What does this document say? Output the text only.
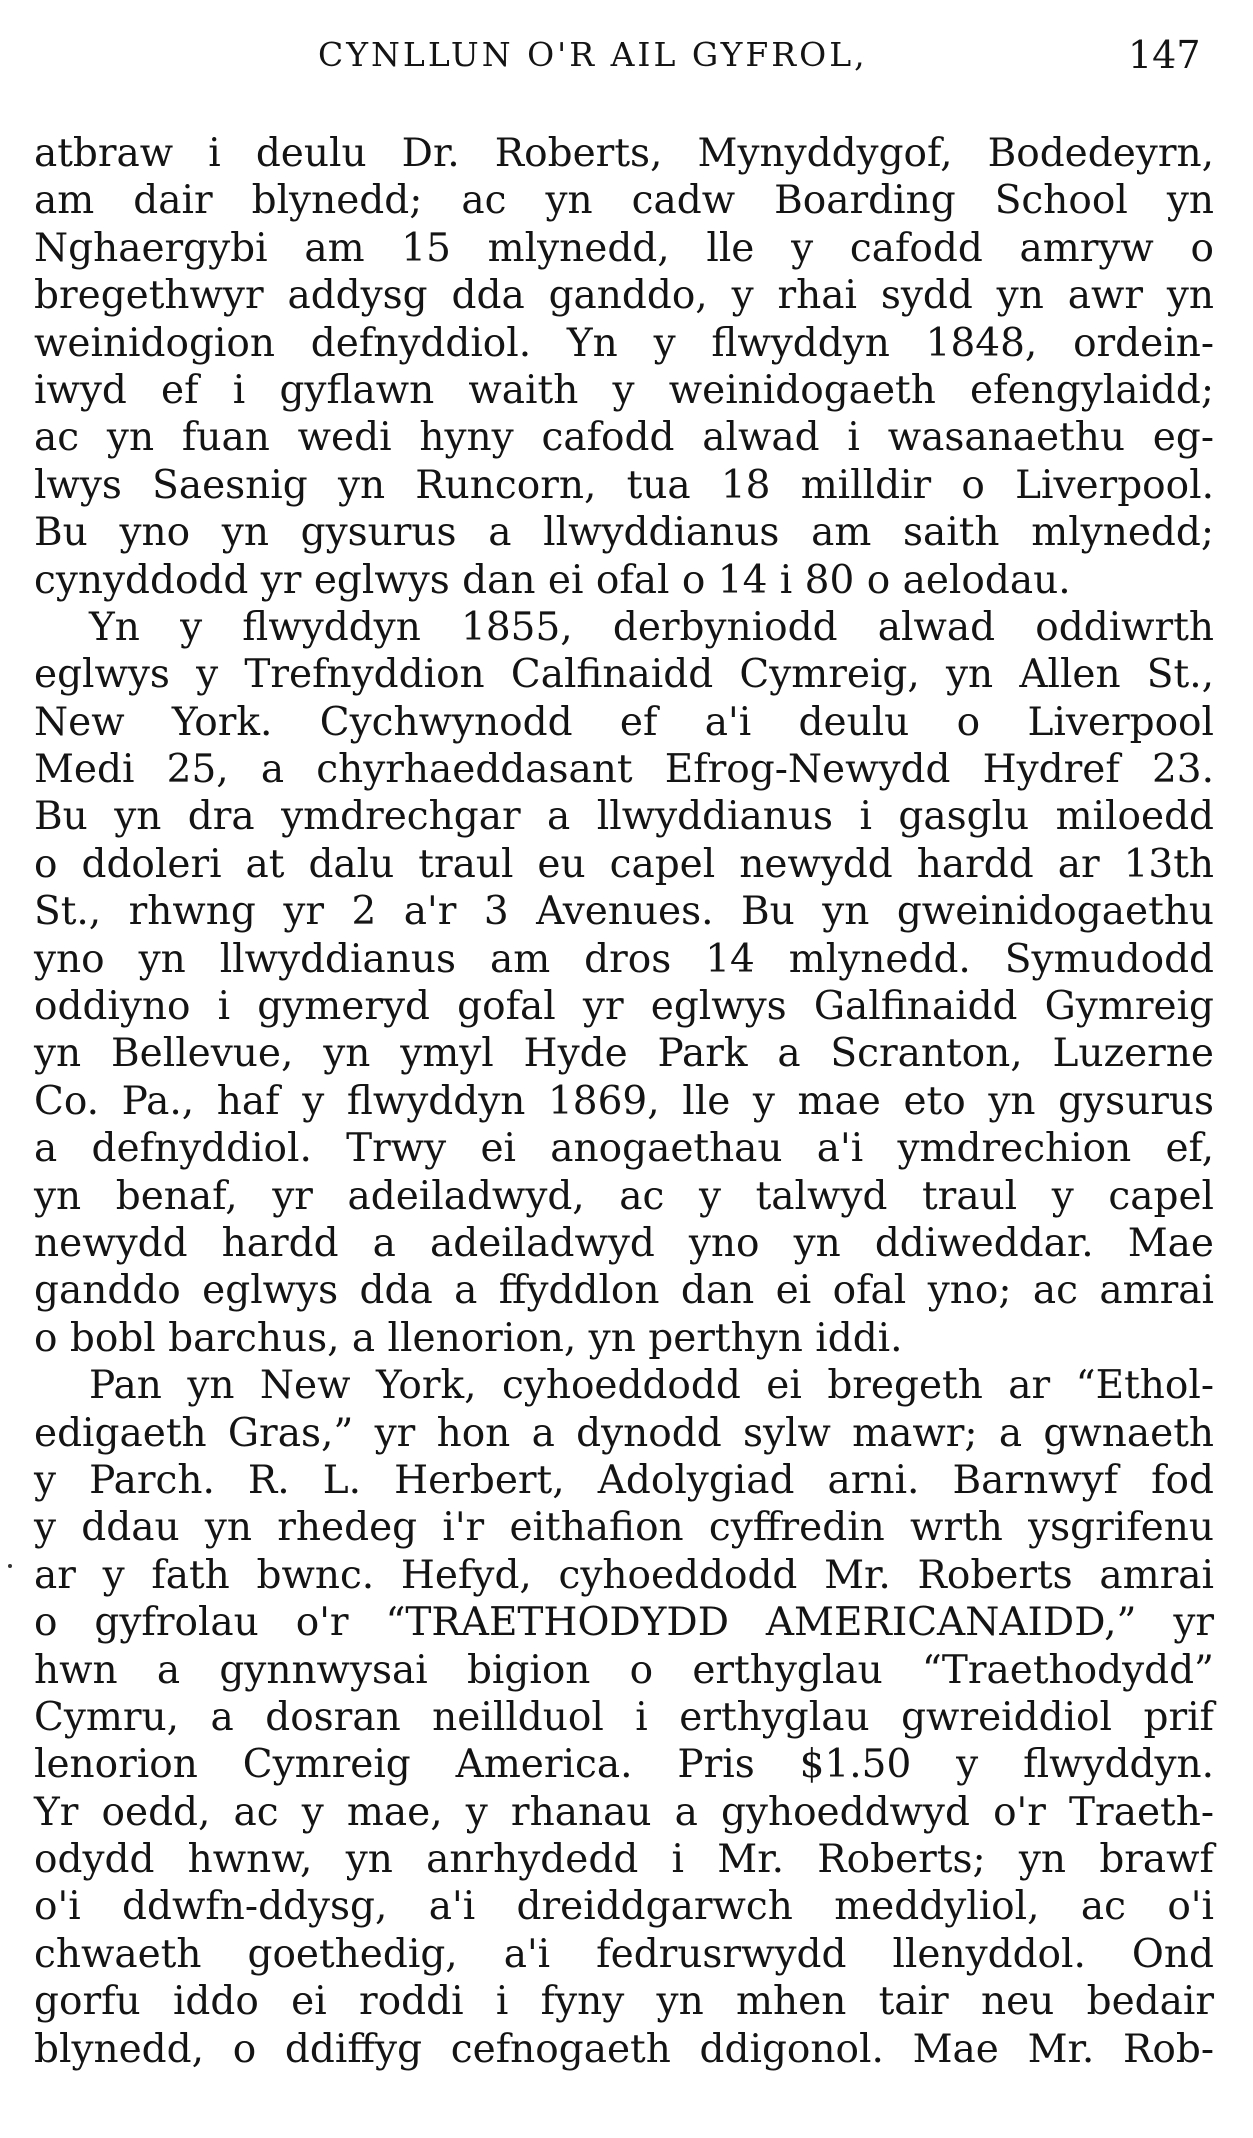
CYNLLUN O'R AIL GYFROL,	147
atbraw i deulu Dr. Roberts, Mynyddygof, Bodedeyrn,
am dair blynedd; ac yn cadw Boarding School yn
Nghaergybi am 15 mlynedd, lle y cafodd amryw o
bregethwyr addysg dda ganddo, y rhai sydd yn awr yn
weinidogion defnyddiol. Yn y flwyddyn 1848, ordein-
iwyd ef i gyflawn waith y weinidogaeth efengylaidd;
ac yn fuan wedi hyny cafodd alwad i wasanaethu eg-
lwys Saesnig yn Runcorn, tua 18 milldir o Liverpool.
Bu yno yn gysurus a llwyddianus am saith mlynedd;
cynyddodd yr eglwys dan ei ofal o 14 i 80 o aelodau.
Yn y flwyddyn 1855, derbyniodd alwad oddiwrth
eglwys y Trefnyddion Calfinaidd Cymreig, yn Allen St.,
New York. Cychwynodd ef a'i deulu o Liverpool
Medi 25, a chyrhaeddasant Efrog-Newydd Hydref 23.
Bu yn dra ymdrechgar a llwyddianus i gasglu miloedd
o ddoleri at dalu traul eu capel newydd hardd ar 13th
St., rhwng yr 2 a'r 3 Avenues. Bu yn gweinidogaethu
yno yn llwyddianus am dros 14 mlynedd. Symudodd
oddiyno i gymeryd gofal yr eglwys Galfinaidd Gymreig
yn Bellevue, yn ymyl Hyde Park a Scranton, Luzerne
Co. Pa., haf y flwyddyn 1869, lle y mae eto yn gysurus
a defnyddiol. Trwy ei anogaethau a'i ymdrechion ef,
yn benaf, yr adeiladwyd, ac y talwyd traul y capel
newydd hardd a adeiladwyd yno yn ddiweddar. Mae
ganddo eglwys dda a ffyddlon dan ei ofal yno; ac amrai
o bobl barchus, a llenorion, yn perthyn iddi.
Pan yn New York, cyhoeddodd ei bregeth ar “Ethol-
edigaeth Gras,” yr hon a dynodd sylw mawr; a gwnaeth
y Parch. R. L. Herbert, Adolygiad arni. Barnwyf fod
y ddau yn rhedeg i'r eithafion cyffredin wrth ysgrifenu
ar y fath bwnc. Hefyd, cyhoeddodd Mr. Roberts amrai
o gyfrolau o'r “TRAETHODYDD AMERICANAIDD,” yr
hwn a gynnwysai bigion o erthyglau “Traethodydd”
Cymru, a dosran neillduol i erthyglau gwreiddiol prif
lenorion Cymreig America. Pris $1.50 y flwyddyn.
Yr oedd, ac y mae, y rhanau a gyhoeddwyd o'r Traeth-
odydd hwnw, yn anrhydedd i Mr. Roberts; yn brawf
o'i ddwfn-ddysg, a'i dreiddgarwch meddyliol, ac o'i
chwaeth goethedig, a'i fedrusrwydd llenyddol. Ond
gorfu iddo ei roddi i fyny yn mhen tair neu bedair
blynedd, o ddiffyg cefnogaeth ddigonol. Mae Mr. Rob-
